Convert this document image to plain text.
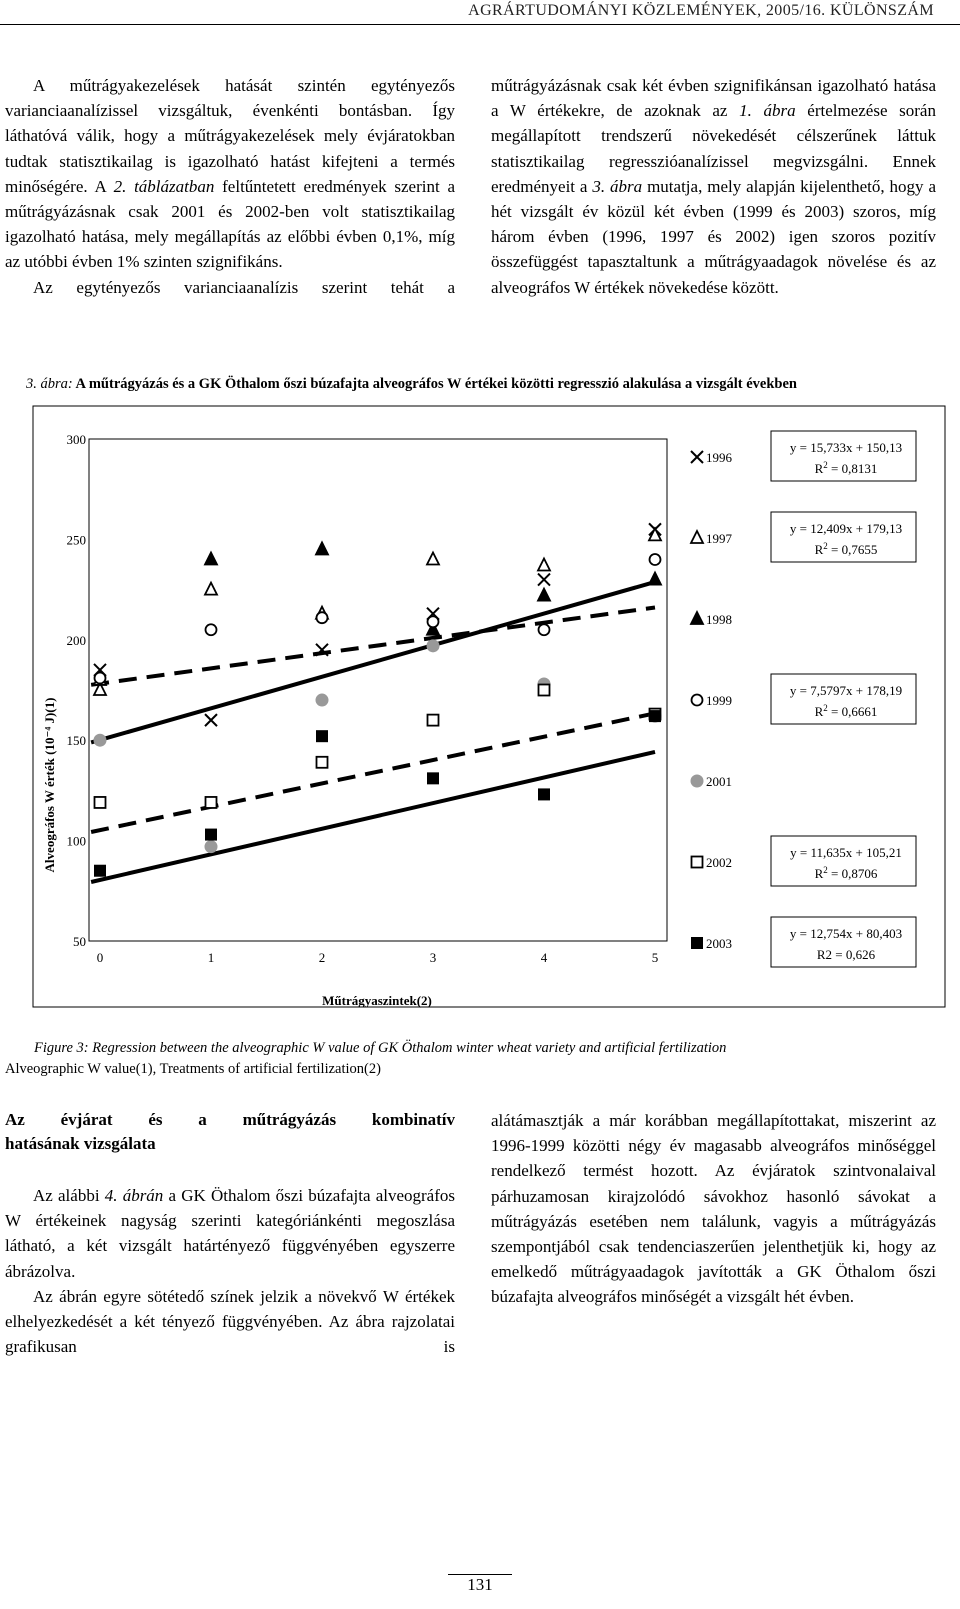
AGRÁRTUDOMÁNYI KÖZLEMÉNYEK, 2005/16. KÜLÖNSZÁM

A műtrágyakezelések hatását szintén egytényezős varianciaanalízissel vizsgáltuk, évenkénti bontásban. Így láthatóvá válik, hogy a műtrágyakezelések mely évjáratokban tudtak statisztikailag is igazolható hatást kifejteni a termés minőségére. A 2. táblázatban feltűntetett eredmények szerint a műtrágyázásnak csak 2001 és 2002-ben volt statisztikailag igazolható hatása, mely megállapítás az előbbi évben 0,1%, míg az utóbbi évben 1% szinten szignifikáns.

Az egytényezős varianciaanalízis szerint tehát a

műtrágyázásnak csak két évben szignifikánsan igazolható hatása a W értékekre, de azoknak az 1. ábra értelmezése során megállapított trendszerű növekedését célszerűnek láttuk statisztikailag regresszióanalízissel megvizsgálni. Ennek eredményeit a 3. ábra mutatja, mely alapján kijelenthető, hogy a hét vizsgált év közül két évben (1999 és 2003) szoros, míg három évben (1996, 1997 és 2002) igen szoros pozitív összefüggést tapasztaltunk a műtrágyaadagok növelése és az alveográfos W értékek növekedése között.

3. ábra: A műtrágyázás és a GK Öthalom őszi búzafajta alveográfos W értékei közötti regresszió alakulása a vizsgált években
50
100
150
200
250
300
0	1	2	3	4	5
Alveográfos W érték (10⁻⁴ J)(1)
Műtrágyaszintek(2)
1996
y = 15,733x + 150,13
$R^2 = 0,8131$
1997
y = 12,409x + 179,13
$R^2 = 0,7655$
1998
1999
y = 7,5797x + 178,19
$R^2 = 0,6661$
2001
2002
y = 11,635x + 105,21
$R^2 = 0,8706$
2003
y = 12,754x + 80,403
R2 = 0,626
Figure 3: Regression between the alveographic W value of GK Öthalom winter wheat variety and artificial fertilization
Alveographic W value(1), Treatments of artificial fertilization(2)
Az évjárat és a műtrágyázás kombinatív
hatásának vizsgálata

Az alábbi 4. ábrán a GK Öthalom őszi búzafajta alveográfos W értékeinek nagyság szerinti kategóriánkénti megoszlása látható, a két vizsgált határtényező függvényében egyszerre ábrázolva.

Az ábrán egyre sötétedő színek jelzik a növekvő W értékek elhelyezkedését a két tényező függvényében. Az ábra rajzolatai grafikusan is

alátámasztják a már korábban megállapítottakat, miszerint az 1996-1999 közötti négy év magasabb alveográfos minőséggel rendelkező termést hozott. Az évjáratok szintvonalaival párhuzamosan kirajzolódó sávokhoz hasonló sávokat a műtrágyázás esetében nem találunk, vagyis a műtrágyázás szempontjából csak tendenciaszerűen jelenthetjük ki, hogy az emelkedő műtrágyaadagok javították a GK Öthalom őszi búzafajta alveográfos minőségét a vizsgált hét évben.

131
